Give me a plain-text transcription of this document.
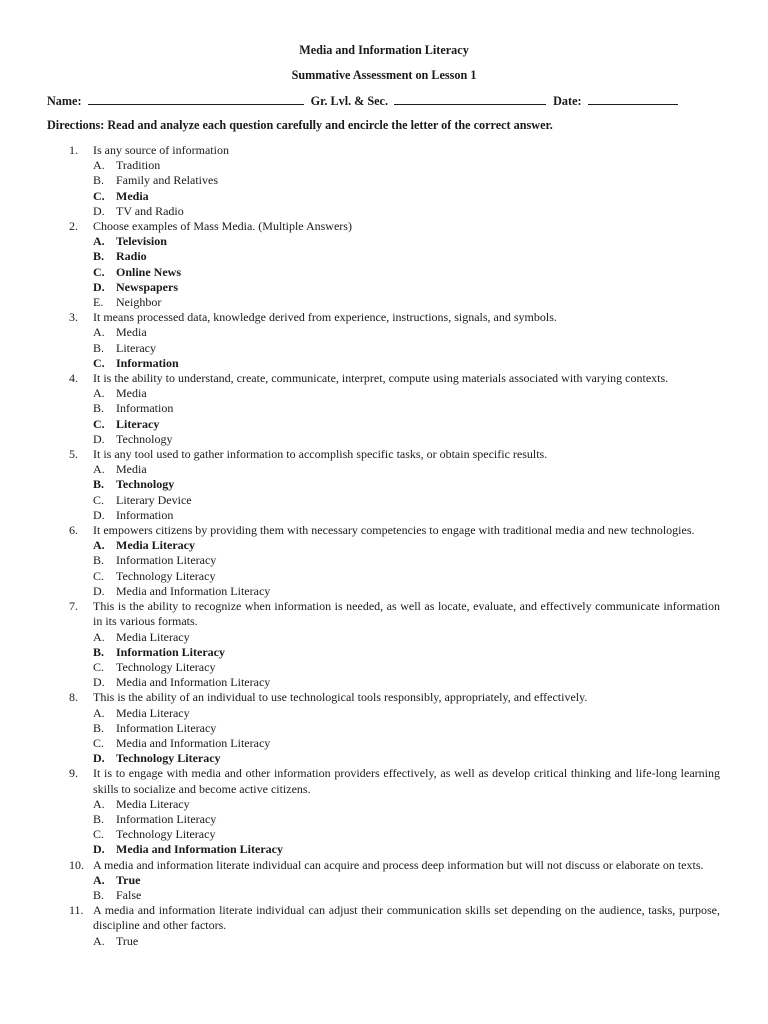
Media and Information Literacy
Summative Assessment on Lesson 1
Name:	Gr. Lvl. & Sec.	Date:
Directions: Read and analyze each question carefully and encircle the letter of the correct answer.
1. Is any source of information
A. Tradition
B. Family and Relatives
C. Media
D. TV and Radio
2. Choose examples of Mass Media. (Multiple Answers)
A. Television
B. Radio
C. Online News
D. Newspapers
E. Neighbor
3. It means processed data, knowledge derived from experience, instructions, signals, and symbols.
A. Media
B. Literacy
C. Information
4. It is the ability to understand, create, communicate, interpret, compute using materials associated with varying contexts.
A. Media
B. Information
C. Literacy
D. Technology
5. It is any tool used to gather information to accomplish specific tasks, or obtain specific results.
A. Media
B. Technology
C. Literary Device
D. Information
6. It empowers citizens by providing them with necessary competencies to engage with traditional media and new technologies.
A. Media Literacy
B. Information Literacy
C. Technology Literacy
D. Media and Information Literacy
7. This is the ability to recognize when information is needed, as well as locate, evaluate, and effectively communicate information in its various formats.
A. Media Literacy
B. Information Literacy
C. Technology Literacy
D. Media and Information Literacy
8. This is the ability of an individual to use technological tools responsibly, appropriately, and effectively.
A. Media Literacy
B. Information Literacy
C. Media and Information Literacy
D. Technology Literacy
9. It is to engage with media and other information providers effectively, as well as develop critical thinking and life-long learning skills to socialize and become active citizens.
A. Media Literacy
B. Information Literacy
C. Technology Literacy
D. Media and Information Literacy
10. A media and information literate individual can acquire and process deep information but will not discuss or elaborate on texts.
A. True
B. False
11. A media and information literate individual can adjust their communication skills set depending on the audience, tasks, purpose, discipline and other factors.
A. True
